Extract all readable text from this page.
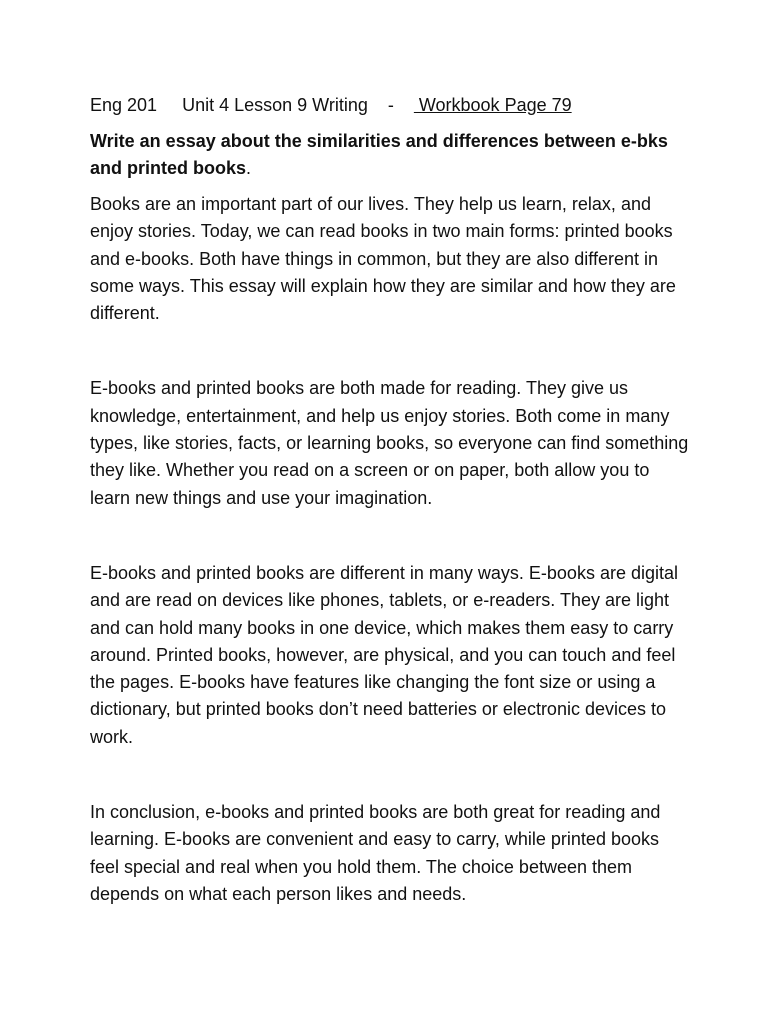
Eng 201 Unit 4 Lesson 9 Writing    -     Workbook Page 79
Write an essay about the similarities and differences between e-bks and printed books.

Books are an important part of our lives. They help us learn, relax, and enjoy stories. Today, we can read books in two main forms: printed books and e-books. Both have things in common, but they are also different in some ways. This essay will explain how they are similar and how they are different.

E-books and printed books are both made for reading. They give us knowledge, entertainment, and help us enjoy stories. Both come in many types, like stories, facts, or learning books, so everyone can find something they like. Whether you read on a screen or on paper, both allow you to learn new things and use your imagination.

E-books and printed books are different in many ways. E-books are digital and are read on devices like phones, tablets, or e-readers. They are light and can hold many books in one device, which makes them easy to carry around. Printed books, however, are physical, and you can touch and feel the pages. E-books have features like changing the font size or using a dictionary, but printed books don’t need batteries or electronic devices to work.

In conclusion, e-books and printed books are both great for reading and learning. E-books are convenient and easy to carry, while printed books feel special and real when you hold them. The choice between them depends on what each person likes and needs.
